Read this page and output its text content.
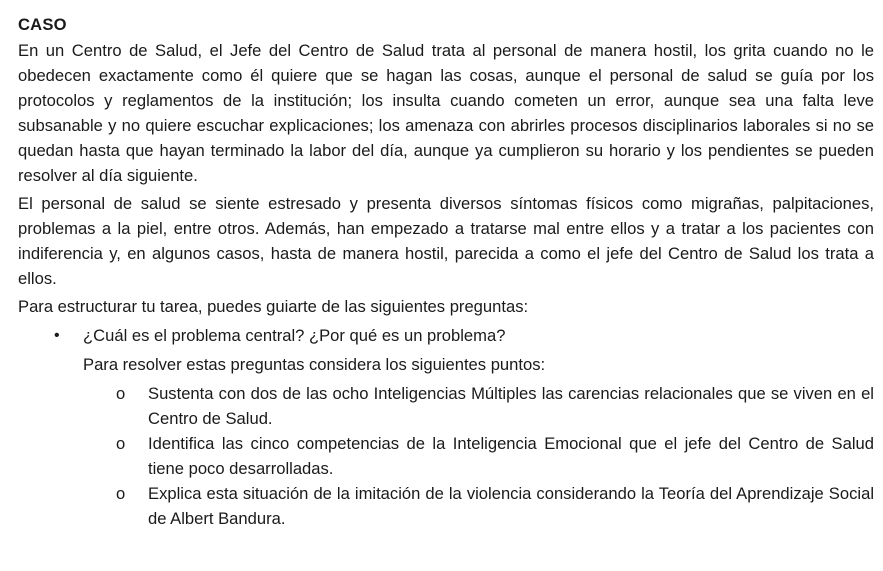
CASO

En un Centro de Salud, el Jefe del Centro de Salud trata al personal de manera hostil, los grita cuando no le obedecen exactamente como él quiere que se hagan las cosas, aunque el personal de salud se guía por los protocolos y reglamentos de la institución; los insulta cuando cometen un error, aunque sea una falta leve subsanable y no quiere escuchar explicaciones; los amenaza con abrirles procesos disciplinarios laborales si no se quedan hasta que hayan terminado la labor del día, aunque ya cumplieron su horario y los pendientes se pueden resolver al día siguiente.

El personal de salud se siente estresado y presenta diversos síntomas físicos como migrañas, palpitaciones, problemas a la piel, entre otros. Además, han empezado a tratarse mal entre ellos y a tratar a los pacientes con indiferencia y, en algunos casos, hasta de manera hostil, parecida a como el jefe del Centro de Salud los trata a ellos.

Para estructurar tu tarea, puedes guiarte de las siguientes preguntas:

• ¿Cuál es el problema central? ¿Por qué es un problema?

Para resolver estas preguntas considera los siguientes puntos:

o Sustenta con dos de las ocho Inteligencias Múltiples las carencias relacionales que se viven en el Centro de Salud.
o Identifica las cinco competencias de la Inteligencia Emocional que el jefe del Centro de Salud tiene poco desarrolladas.
o Explica esta situación de la imitación de la violencia considerando la Teoría del Aprendizaje Social de Albert Bandura.
